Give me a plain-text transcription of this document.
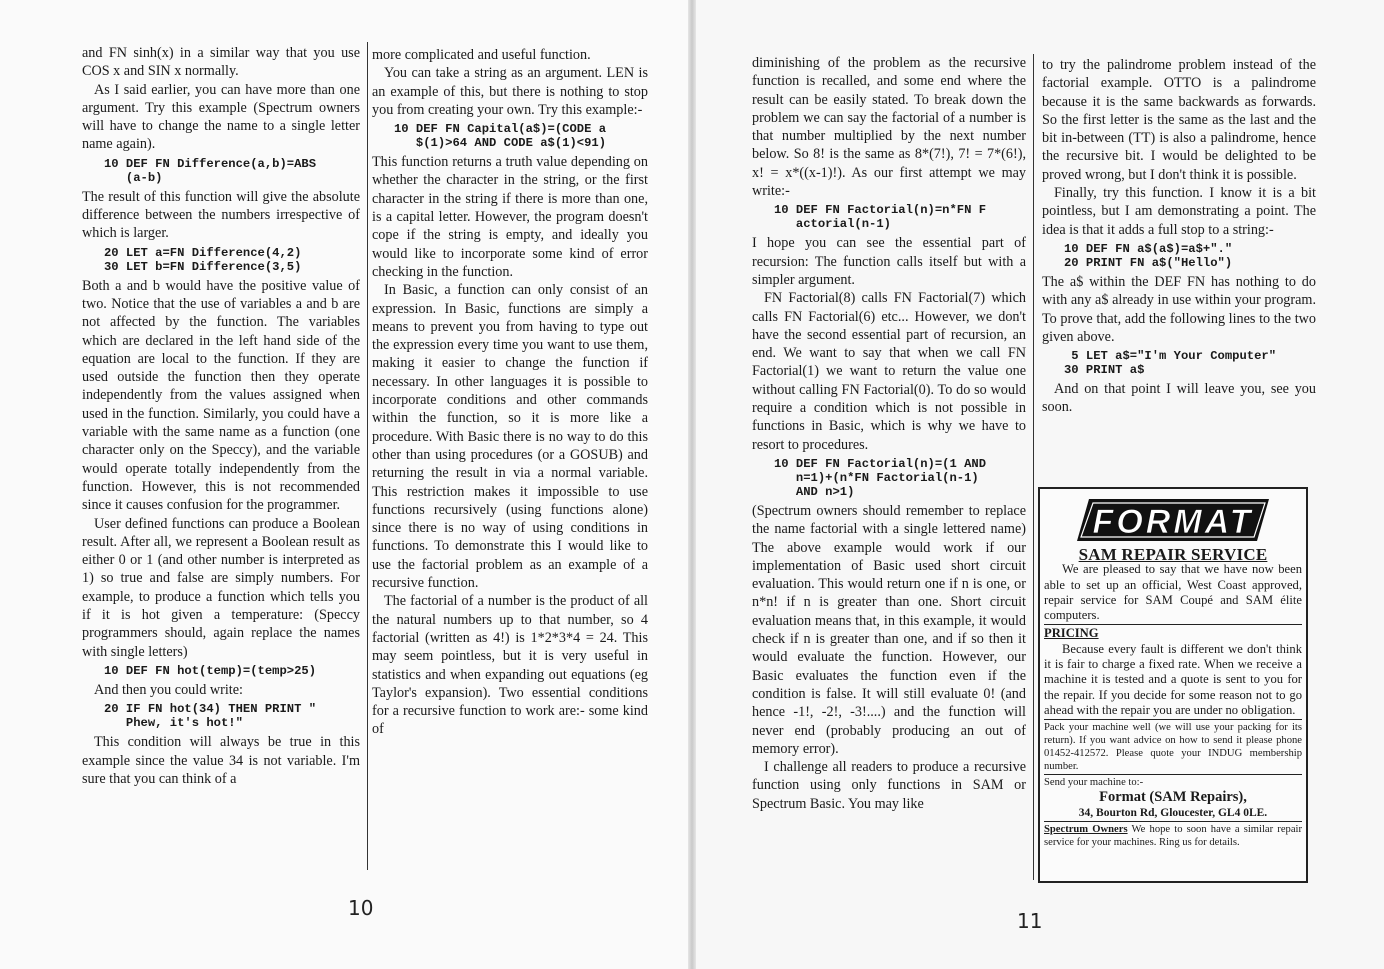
and FN sinh(x) in a similar way that you use COS x and SIN x normally.

As I said earlier, you can have more than one argument. Try this example (Spectrum owners will have to change the name to a single letter name again).

10 DEF FN Difference(a,b)=ABS
(a-b)

The result of this function will give the absolute difference between the numbers irrespective of which is larger.

20 LET a=FN Difference(4,2)
30 LET b=FN Difference(3,5)

Both a and b would have the positive value of two. Notice that the use of variables a and b are not affected by the function. The variables which are declared in the left hand side of the equation are local to the function. If they are used outside the function then they operate independently from the values assigned when used in the function. Similarly, you could have a variable with the same name as a function (one character only on the Speccy), and the variable would operate totally independently from the function. However, this is not recommended since it causes confusion for the programmer.

User defined functions can produce a Boolean result. After all, we represent a Boolean result as either 0 or 1 (and other number is interpreted as 1) so true and false are simply numbers. For example, to produce a function which tells you if it is hot given a temperature: (Speccy programmers should, again replace the names with single letters)

10 DEF FN hot(temp)=(temp>25)

And then you could write:

20 IF FN hot(34) THEN PRINT "
Phew, it's hot!"

This condition will always be true in this example since the value 34 is not variable. I'm sure that you can think of a

more complicated and useful function.

You can take a string as an argument. LEN is an example of this, but there is nothing to stop you from creating your own. Try this example:-

10 DEF FN Capital(a$)=(CODE a
$(1)>64 AND CODE a$(1)<91)

This function returns a truth value depending on whether the character in the string, or the first character in the string if there is more than one, is a capital letter. However, the program doesn't cope if the string is empty, and ideally you would like to incorporate some kind of error checking in the function.

In Basic, a function can only consist of an expression. In Basic, functions are simply a means to prevent you from having to type out the expression every time you want to use them, making it easier to change the function if necessary. In other languages it is possible to incorporate conditions and other commands within the function, so it is more like a procedure. With Basic there is no way to do this other than using procedures (or a GOSUB) and returning the result in via a normal variable. This restriction makes it impossible to use functions recursively (using functions alone) since there is no way of using conditions in functions. To demonstrate this I would like to use the factorial problem as an example of a recursive function.

The factorial of a number is the product of all the natural numbers up to that number, so 4 factorial (written as 4!) is 1*2*3*4 = 24. This may seem pointless, but it is very useful in statistics and when expanding out equations (eg Taylor's expansion). Two essential conditions for a recursive function to work are:- some kind of

diminishing of the problem as the recursive function is recalled, and some end where the result can be easily stated. To break down the problem we can say the factorial of a number is that number multiplied by the next number below. So 8! is the same as 8*(7!), 7! = 7*(6!), x! = x*((x-1)!). As our first attempt we may write:-

10 DEF FN Factorial(n)=n*FN F
actorial(n-1)

I hope you can see the essential part of recursion: The function calls itself but with a simpler argument.

FN Factorial(8) calls FN Factorial(7) which calls FN Factorial(6) etc... However, we don't have the second essential part of recursion, an end. We want to say that when we call FN Factorial(1) we want to return the value one without calling FN Factorial(0). To do so would require a condition which is not possible in functions in Basic, which is why we have to resort to procedures.

10 DEF FN Factorial(n)=(1 AND
n=1)+(n*FN Factorial(n-1)
AND n>1)

(Spectrum owners should remember to replace the name factorial with a single lettered name) The above example would work if our implementation of Basic used short circuit evaluation. This would return one if n is one, or n*n! if n is greater than one. Short circuit evaluation means that, in this example, it would check if n is greater than one, and if so then it would evaluate the function. However, our Basic evaluates the function even if the condition is false. It will still evaluate 0! (and hence -1!, -2!, -3!....) and the function will never end (probably producing an out of memory error).

I challenge all readers to produce a recursive function using only functions in SAM or Spectrum Basic. You may like

to try the palindrome problem instead of the factorial example. OTTO is a palindrome because it is the same backwards as forwards. So the first letter is the same as the last and the bit in-between (TT) is also a palindrome, hence the recursive bit. I would be delighted to be proved wrong, but I don't think it is possible.

Finally, try this function. I know it is a bit pointless, but I am demonstrating a point. The idea is that it adds a full stop to a string:-

10 DEF FN a$(a$)=a$+"."
20 PRINT FN a$("Hello")

The a$ within the DEF FN has nothing to do with any a$ already in use within your program. To prove that, add the following lines to the two given above.

5 LET a$="I'm Your Computer"
30 PRINT a$

And on that point I will leave you, see you soon.

10
11
FORMAT
SAM REPAIR SERVICE

We are pleased to say that we have now been able to set up an official, West Coast approved, repair service for SAM Coupé and SAM élite computers.

PRICING

Because every fault is different we don't think it is fair to charge a fixed rate. When we receive a machine it is tested and a quote is sent to you for the repair. If you decide for some reason not to go ahead with the repair you are under no obligation.

Pack your machine well (we will use your packing for its return). If you want advice on how to send it please phone 01452-412572. Please quote your INDUG membership number.

Send your machine to:-

Format (SAM Repairs),
34, Bourton Rd, Gloucester, GL4 0LE.

Spectrum Owners We hope to soon have a similar repair service for your machines. Ring us for details.
